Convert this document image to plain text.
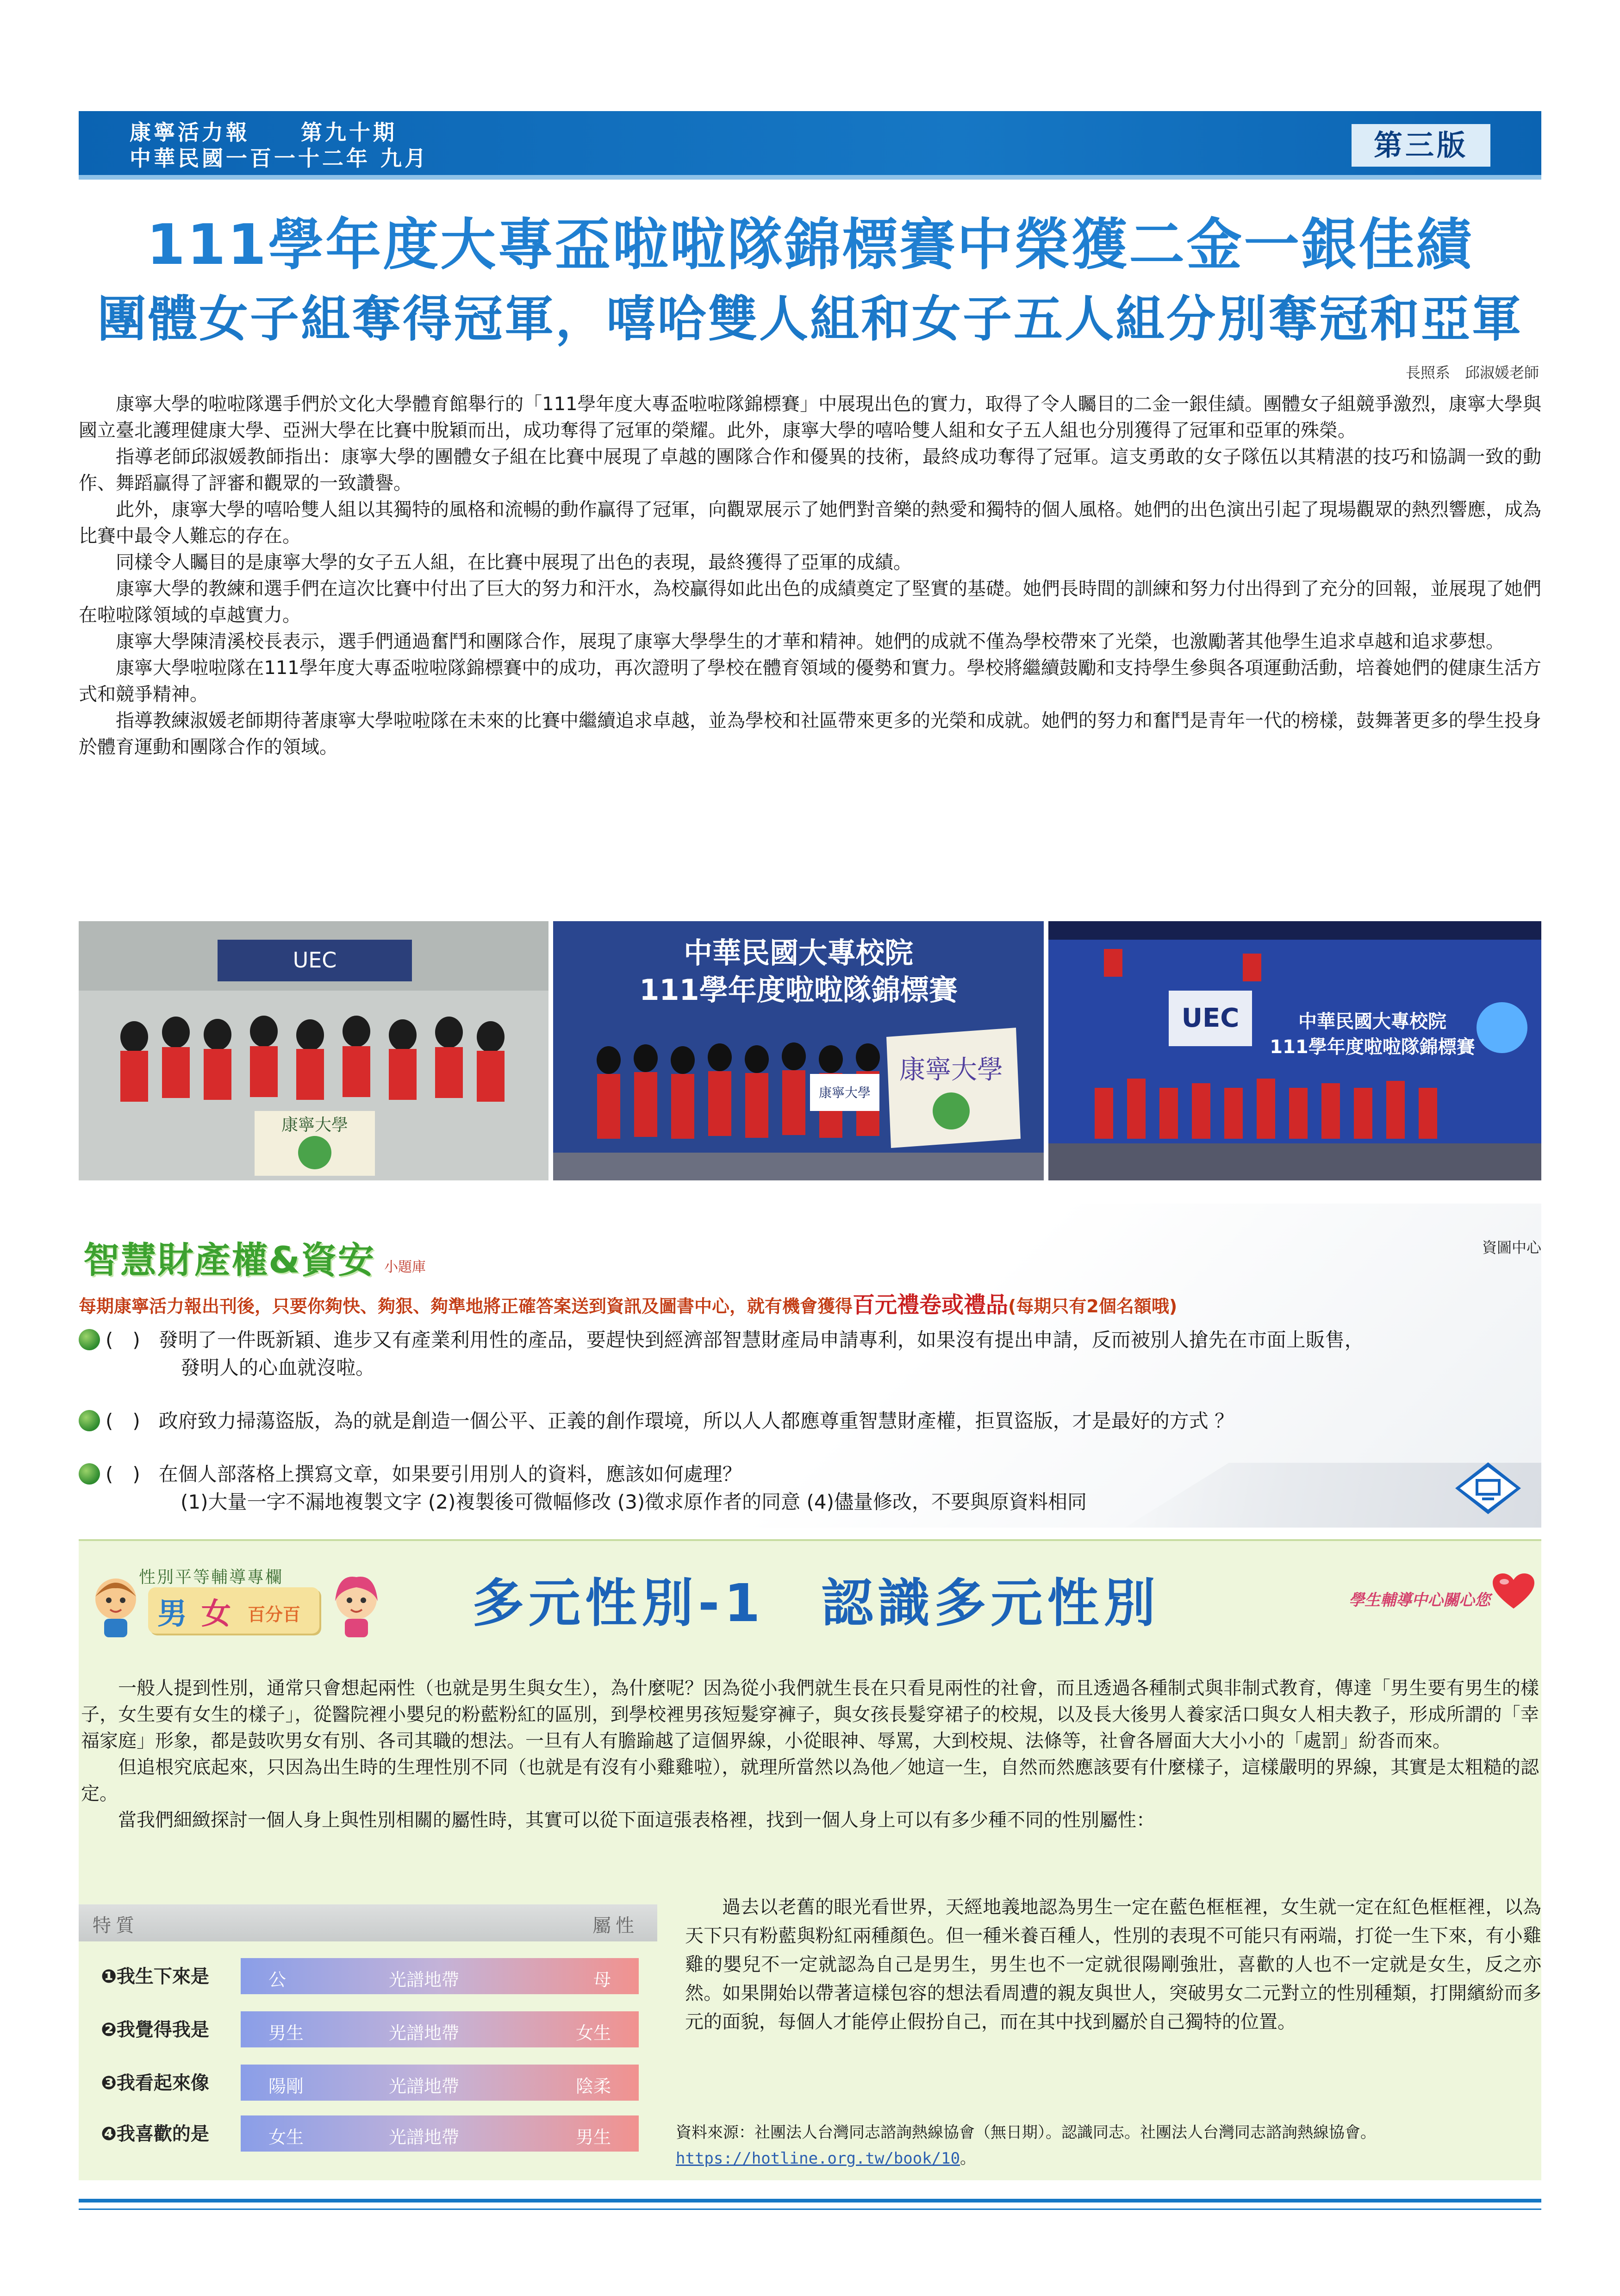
康寧活力報 第九十期
中華民國一百一十二年 九月	第三版
111學年度大專盃啦啦隊錦標賽中榮獲二金一銀佳績
團體女子組奪得冠軍，嘻哈雙人組和女子五人組分別奪冠和亞軍
長照系　邱淑媛老師

康寧大學的啦啦隊選手們於文化大學體育館舉行的「111學年度大專盃啦啦隊錦標賽」中展現出色的實力，取得了令人矚目的二金一銀佳績。團體女子組競爭激烈，康寧大學與國立臺北護理健康大學、亞洲大學在比賽中脫穎而出，成功奪得了冠軍的榮耀。此外，康寧大學的嘻哈雙人組和女子五人組也分別獲得了冠軍和亞軍的殊榮。

指導老師邱淑媛教師指出：康寧大學的團體女子組在比賽中展現了卓越的團隊合作和優異的技術，最終成功奪得了冠軍。這支勇敢的女子隊伍以其精湛的技巧和協調一致的動作、舞蹈贏得了評審和觀眾的一致讚譽。

此外，康寧大學的嘻哈雙人組以其獨特的風格和流暢的動作贏得了冠軍，向觀眾展示了她們對音樂的熱愛和獨特的個人風格。她們的出色演出引起了現場觀眾的熱烈響應，成為比賽中最令人難忘的存在。

同樣令人矚目的是康寧大學的女子五人組，在比賽中展現了出色的表現，最終獲得了亞軍的成績。

康寧大學的教練和選手們在這次比賽中付出了巨大的努力和汗水，為校贏得如此出色的成績奠定了堅實的基礎。她們長時間的訓練和努力付出得到了充分的回報，並展現了她們在啦啦隊領域的卓越實力。

康寧大學陳清溪校長表示，選手們通過奮鬥和團隊合作，展現了康寧大學學生的才華和精神。她們的成就不僅為學校帶來了光榮，也激勵著其他學生追求卓越和追求夢想。

康寧大學啦啦隊在111學年度大專盃啦啦隊錦標賽中的成功，再次證明了學校在體育領域的優勢和實力。學校將繼續鼓勵和支持學生參與各項運動活動，培養她們的健康生活方式和競爭精神。

指導教練淑媛老師期待著康寧大學啦啦隊在未來的比賽中繼續追求卓越，並為學校和社區帶來更多的光榮和成就。她們的努力和奮鬥是青年一代的榜樣，鼓舞著更多的學生投身於體育運動和團隊合作的領域。

UEC
康寧大學
中華民國大專校院
111學年度啦啦隊錦標賽
康寧大學
康寧大學
UEC	中華民國大專校院
111學年度啦啦隊錦標賽
智慧財產權&資安 小題庫
資圖中心
每期康寧活力報出刊後，只要你夠快、夠狠、夠準地將正確答案送到資訊及圖書中心，就有機會獲得百元禮卷或禮品(每期只有2個名額哦)
(　) 發明了一件既新穎、進步又有產業利用性的產品，要趕快到經濟部智慧財產局申請專利，如果沒有提出申請，反而被別人搶先在市面上販售，
發明人的心血就沒啦。
(　) 政府致力掃蕩盜版，為的就是創造一個公平、正義的創作環境，所以人人都應尊重智慧財產權，拒買盜版，才是最好的方式 ？
(　) 在個人部落格上撰寫文章，如果要引用別人的資料，應該如何處理？
(1)大量一字不漏地複製文字 (2)複製後可微幅修改 (3)徵求原作者的同意 (4)儘量修改，不要與原資料相同
性別平等輔導專欄
男 女 百分百	多元性別-1　認識多元性別	學生輔導中心關心您

一般人提到性別，通常只會想起兩性（也就是男生與女生），為什麼呢？因為從小我們就生長在只看見兩性的社會，而且透過各種制式與非制式教育，傳達「男生要有男生的樣子，女生要有女生的樣子」，從醫院裡小嬰兒的粉藍粉紅的區別，到學校裡男孩短髮穿褲子，與女孩長髮穿裙子的校規，以及長大後男人養家活口與女人相夫教子，形成所謂的「幸福家庭」形象，都是鼓吹男女有別、各司其職的想法。一旦有人有膽踰越了這個界線，小從眼神、辱罵，大到校規、法條等，社會各層面大大小小的「處罰」紛沓而來。

但追根究底起來，只因為出生時的生理性別不同（也就是有沒有小雞雞啦），就理所當然以為他／她這一生，自然而然應該要有什麼樣子，這樣嚴明的界線，其實是太粗糙的認定。

當我們細緻探討一個人身上與性別相關的屬性時，其實可以從下面這張表格裡，找到一個人身上可以有多少種不同的性別屬性：

特質	屬性
❶我生下來是	公	光譜地帶	母
❷我覺得我是	男生	光譜地帶	女生
❸我看起來像	陽剛	光譜地帶	陰柔
❹我喜歡的是	女生	光譜地帶	男生

過去以老舊的眼光看世界，天經地義地認為男生一定在藍色框框裡，女生就一定在紅色框框裡，以為天下只有粉藍與粉紅兩種顏色。但一種米養百種人，性別的表現不可能只有兩端，打從一生下來，有小雞雞的嬰兒不一定就認為自己是男生，男生也不一定就很陽剛強壯，喜歡的人也不一定就是女生，反之亦然。如果開始以帶著這樣包容的想法看周遭的親友與世人，突破男女二元對立的性別種類，打開繽紛而多元的面貌，每個人才能停止假扮自己，而在其中找到屬於自己獨特的位置。

資料來源：社團法人台灣同志諮詢熱線協會（無日期）。認識同志。社團法人台灣同志諮詢熱線協會。
https://hotline.org.tw/book/10。
